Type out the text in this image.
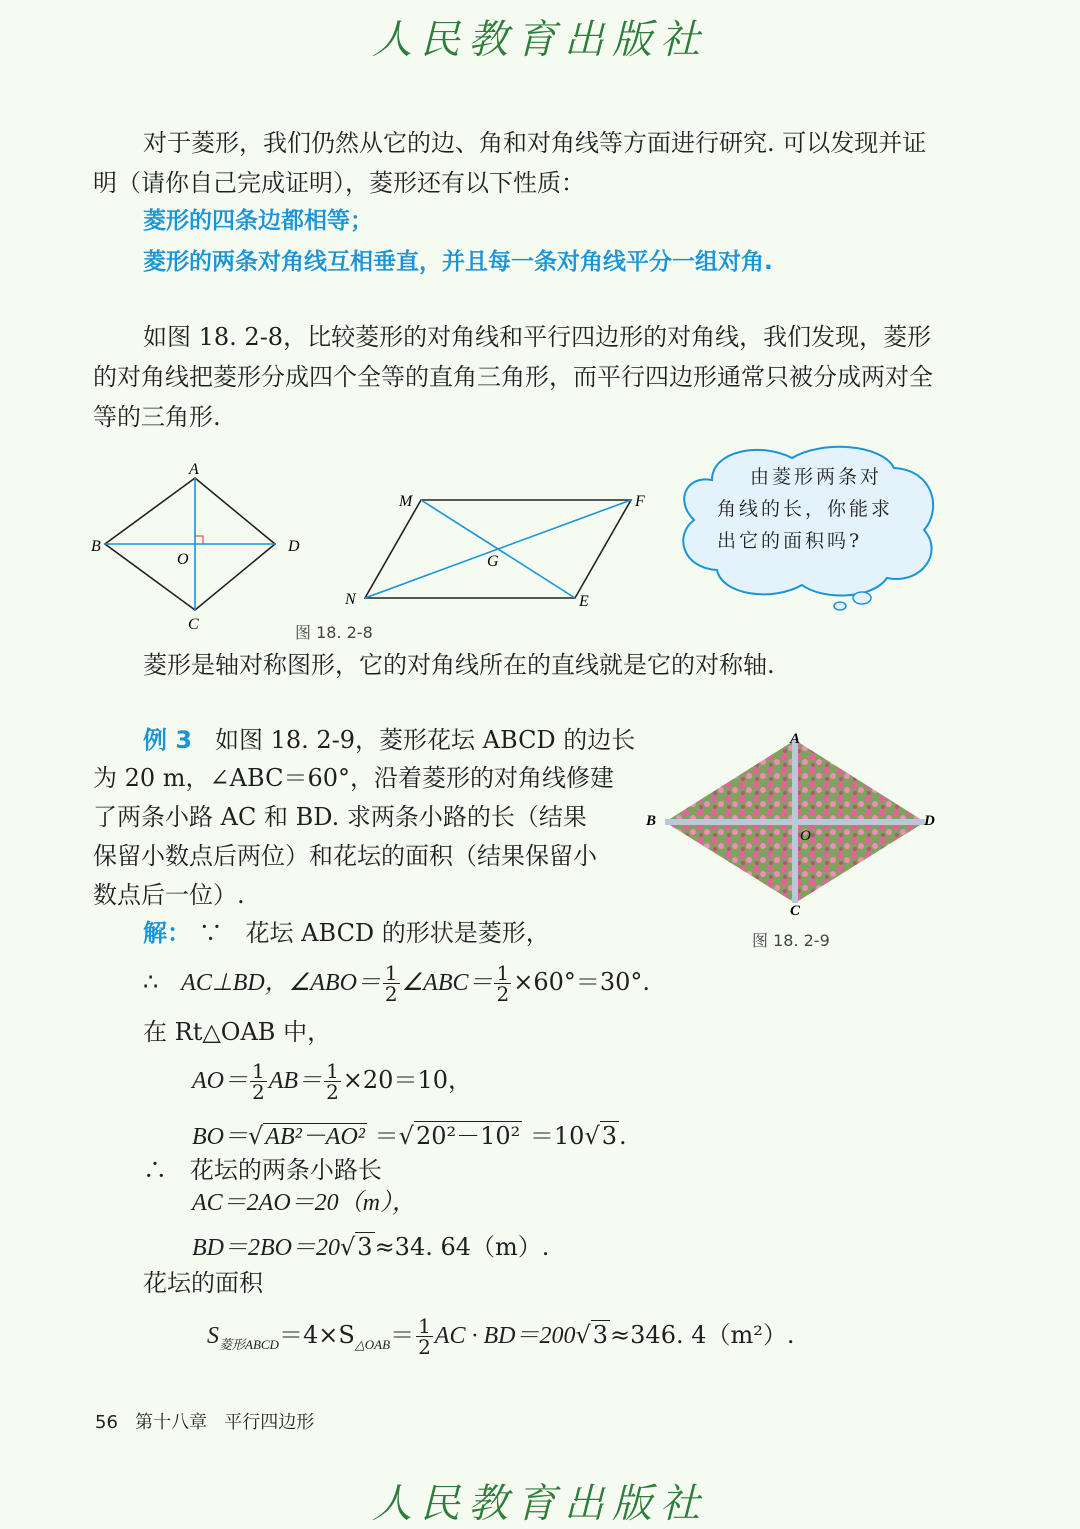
人民教育出版社
对于菱形，我们仍然从它的边、角和对角线等方面进行研究. 可以发现并证明（请你自己完成证明），菱形还有以下性质：
菱形的四条边都相等；
菱形的两条对角线互相垂直，并且每一条对角线平分一组对角.
如图 18. 2-8，比较菱形的对角线和平行四边形的对角线，我们发现，菱形的对角线把菱形分成四个全等的直角三角形，而平行四边形通常只被分成两对全等的三角形.
A
B
C
D
O
M	F
N	E
G
图 18. 2-8
由菱形两条对
角线的长，你能求
出它的面积吗?
菱形是轴对称图形，它的对角线所在的直线就是它的对称轴.
例 3 如图 18. 2-9，菱形花坛 ABCD 的边长
为 20 m，∠ABC＝60°，沿着菱形的对角线修建
了两条小路 AC 和 BD. 求两条小路的长（结果
保留小数点后两位）和花坛的面积（结果保留小
数点后一位）.
A
B
C
D
O
图 18. 2-9
解： ∵ 花坛 ABCD 的形状是菱形，
∴ AC⊥BD，∠ABO＝ $\frac{1}{2}$ ∠ABC＝ $\frac{1}{2} \times 60^\circ=30^\circ$.
在 Rt△OAB 中，
$AO= \frac{1}{2} AB= \frac{1}{2} \times 20=10$，
BO＝√AB²－AO² ＝√20²－10² ＝10√3.
∴ 花坛的两条小路长
AC＝2AO＝20（m），
BD＝2BO＝20√3≈34. 64（m）.
花坛的面积
$S_{菱形ABCD}=4\times S_{\triangle OAB}= \frac{1}{2}$ AC · BD＝200√3≈346. 4（m²）.
56 第十八章 平行四边形
人民教育出版社
